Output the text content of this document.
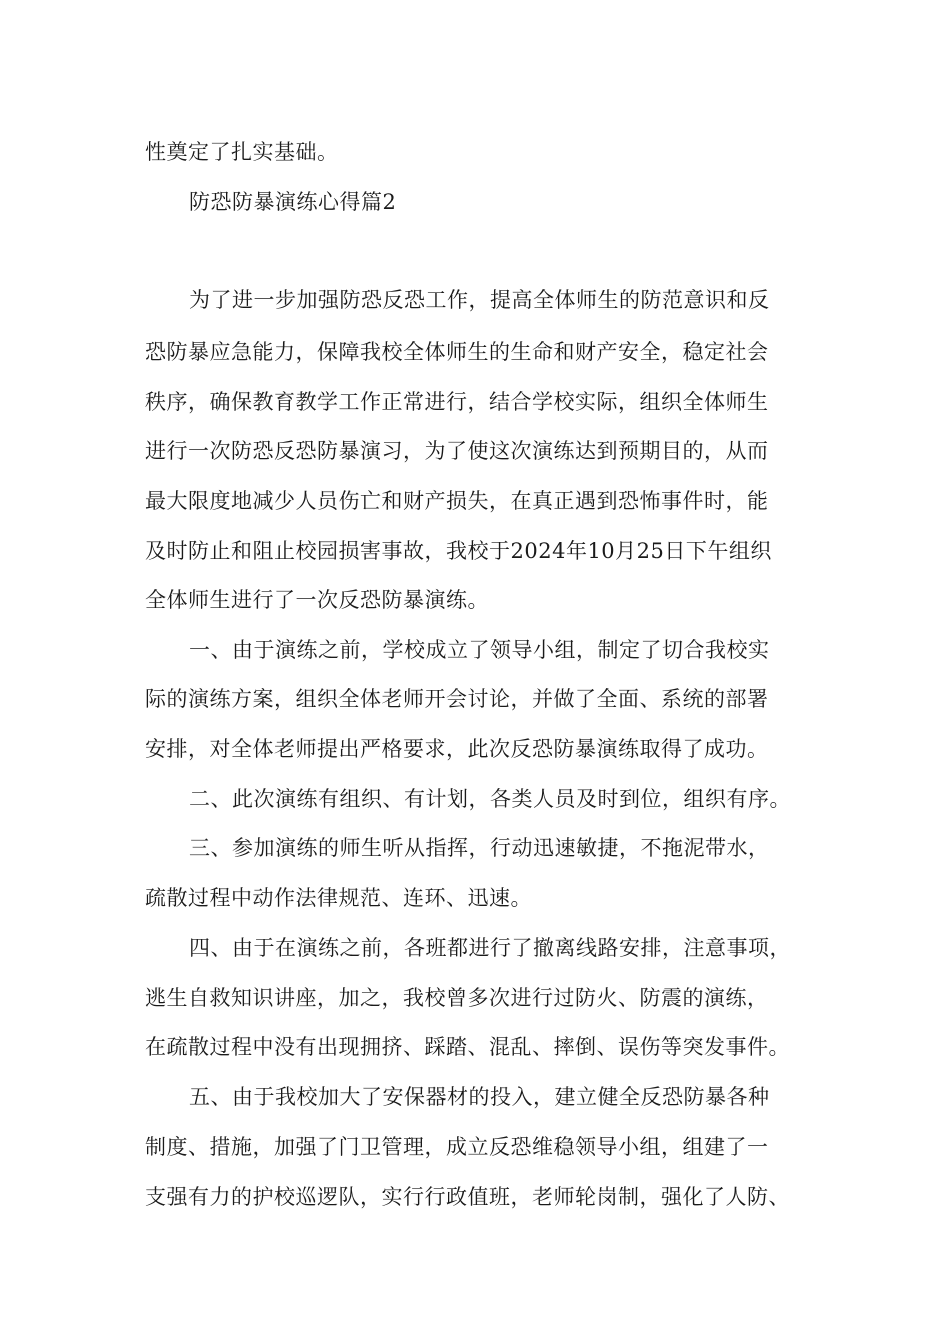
性奠定了扎实基础。

防恐防暴演练心得篇2

为了进一步加强防恐反恐工作，提高全体师生的防范意识和反

恐防暴应急能力，保障我校全体师生的生命和财产安全，稳定社会

秩序，确保教育教学工作正常进行，结合学校实际，组织全体师生

进行一次防恐反恐防暴演习，为了使这次演练达到预期目的，从而

最大限度地减少人员伤亡和财产损失，在真正遇到恐怖事件时，能

及时防止和阻止校园损害事故，我校于2024年10月25日下午组织

全体师生进行了一次反恐防暴演练。

一、由于演练之前，学校成立了领导小组，制定了切合我校实

际的演练方案，组织全体老师开会讨论，并做了全面、系统的部署

安排，对全体老师提出严格要求，此次反恐防暴演练取得了成功。

二、此次演练有组织、有计划，各类人员及时到位，组织有序。

三、参加演练的师生听从指挥，行动迅速敏捷，不拖泥带水，

疏散过程中动作法律规范、连环、迅速。

四、由于在演练之前，各班都进行了撤离线路安排，注意事项，

逃生自救知识讲座，加之，我校曾多次进行过防火、防震的演练，

在疏散过程中没有出现拥挤、踩踏、混乱、摔倒、误伤等突发事件。

五、由于我校加大了安保器材的投入，建立健全反恐防暴各种

制度、措施，加强了门卫管理，成立反恐维稳领导小组，组建了一

支强有力的护校巡逻队，实行行政值班，老师轮岗制，强化了人防、
